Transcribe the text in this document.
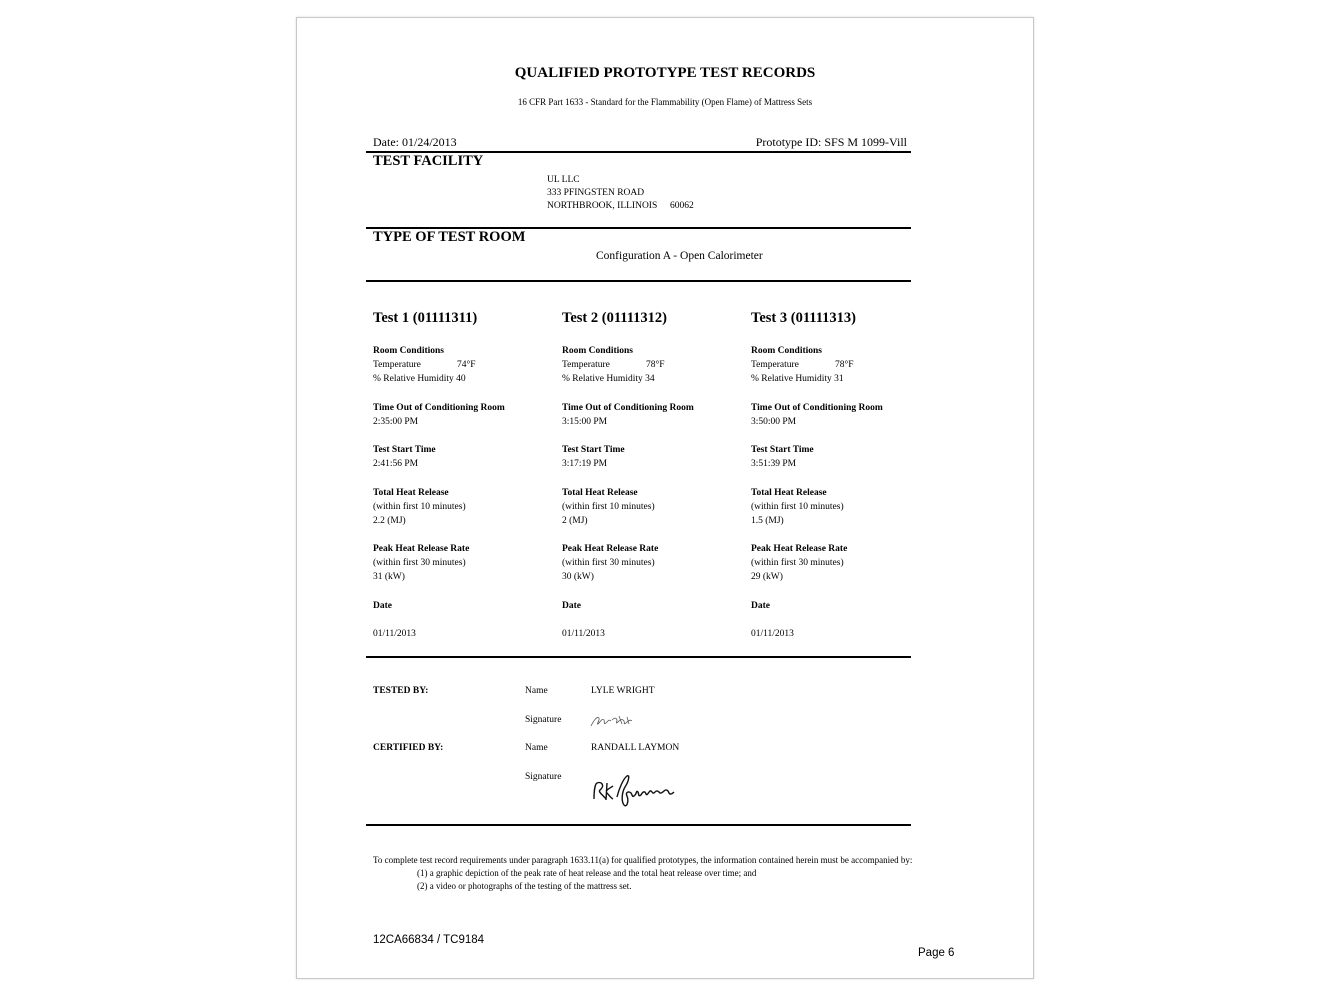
QUALIFIED PROTOTYPE TEST RECORDS
16 CFR Part 1633 - Standard for the Flammability (Open Flame) of Mattress Sets
Date: 01/24/2013	Prototype ID: SFS M 1099-Vill
TEST FACILITY
UL LLC
333 PFINGSTEN ROAD
NORTHBROOK, ILLINOIS 60062
TYPE OF TEST ROOM
Configuration A - Open Calorimeter
Test 1 (01111311)
Room Conditions
Temperature	74°F
% Relative Humidity 40
Time Out of Conditioning Room
2:35:00 PM
Test Start Time
2:41:56 PM
Total Heat Release
(within first 10 minutes)
2.2 (MJ)
Peak Heat Release Rate
(within first 30 minutes)
31 (kW)
Date
01/11/2013
Test 2 (01111312)
Room Conditions
Temperature	78°F
% Relative Humidity 34
Time Out of Conditioning Room
3:15:00 PM
Test Start Time
3:17:19 PM
Total Heat Release
(within first 10 minutes)
2 (MJ)
Peak Heat Release Rate
(within first 30 minutes)
30 (kW)
Date
01/11/2013
Test 3 (01111313)
Room Conditions
Temperature	78°F
% Relative Humidity 31
Time Out of Conditioning Room
3:50:00 PM
Test Start Time
3:51:39 PM
Total Heat Release
(within first 10 minutes)
1.5 (MJ)
Peak Heat Release Rate
(within first 30 minutes)
29 (kW)
Date
01/11/2013
TESTED BY:	Name	LYLE WRIGHT
Signature
CERTIFIED BY:	Name	RANDALL LAYMON
Signature
To complete test record requirements under paragraph 1633.11(a) for qualified prototypes, the information contained herein must be accompanied by:
(1) a graphic depiction of the peak rate of heat release and the total heat release over time; and
(2) a video or photographs of the testing of the mattress set.
12CA66834 / TC9184
Page 6
